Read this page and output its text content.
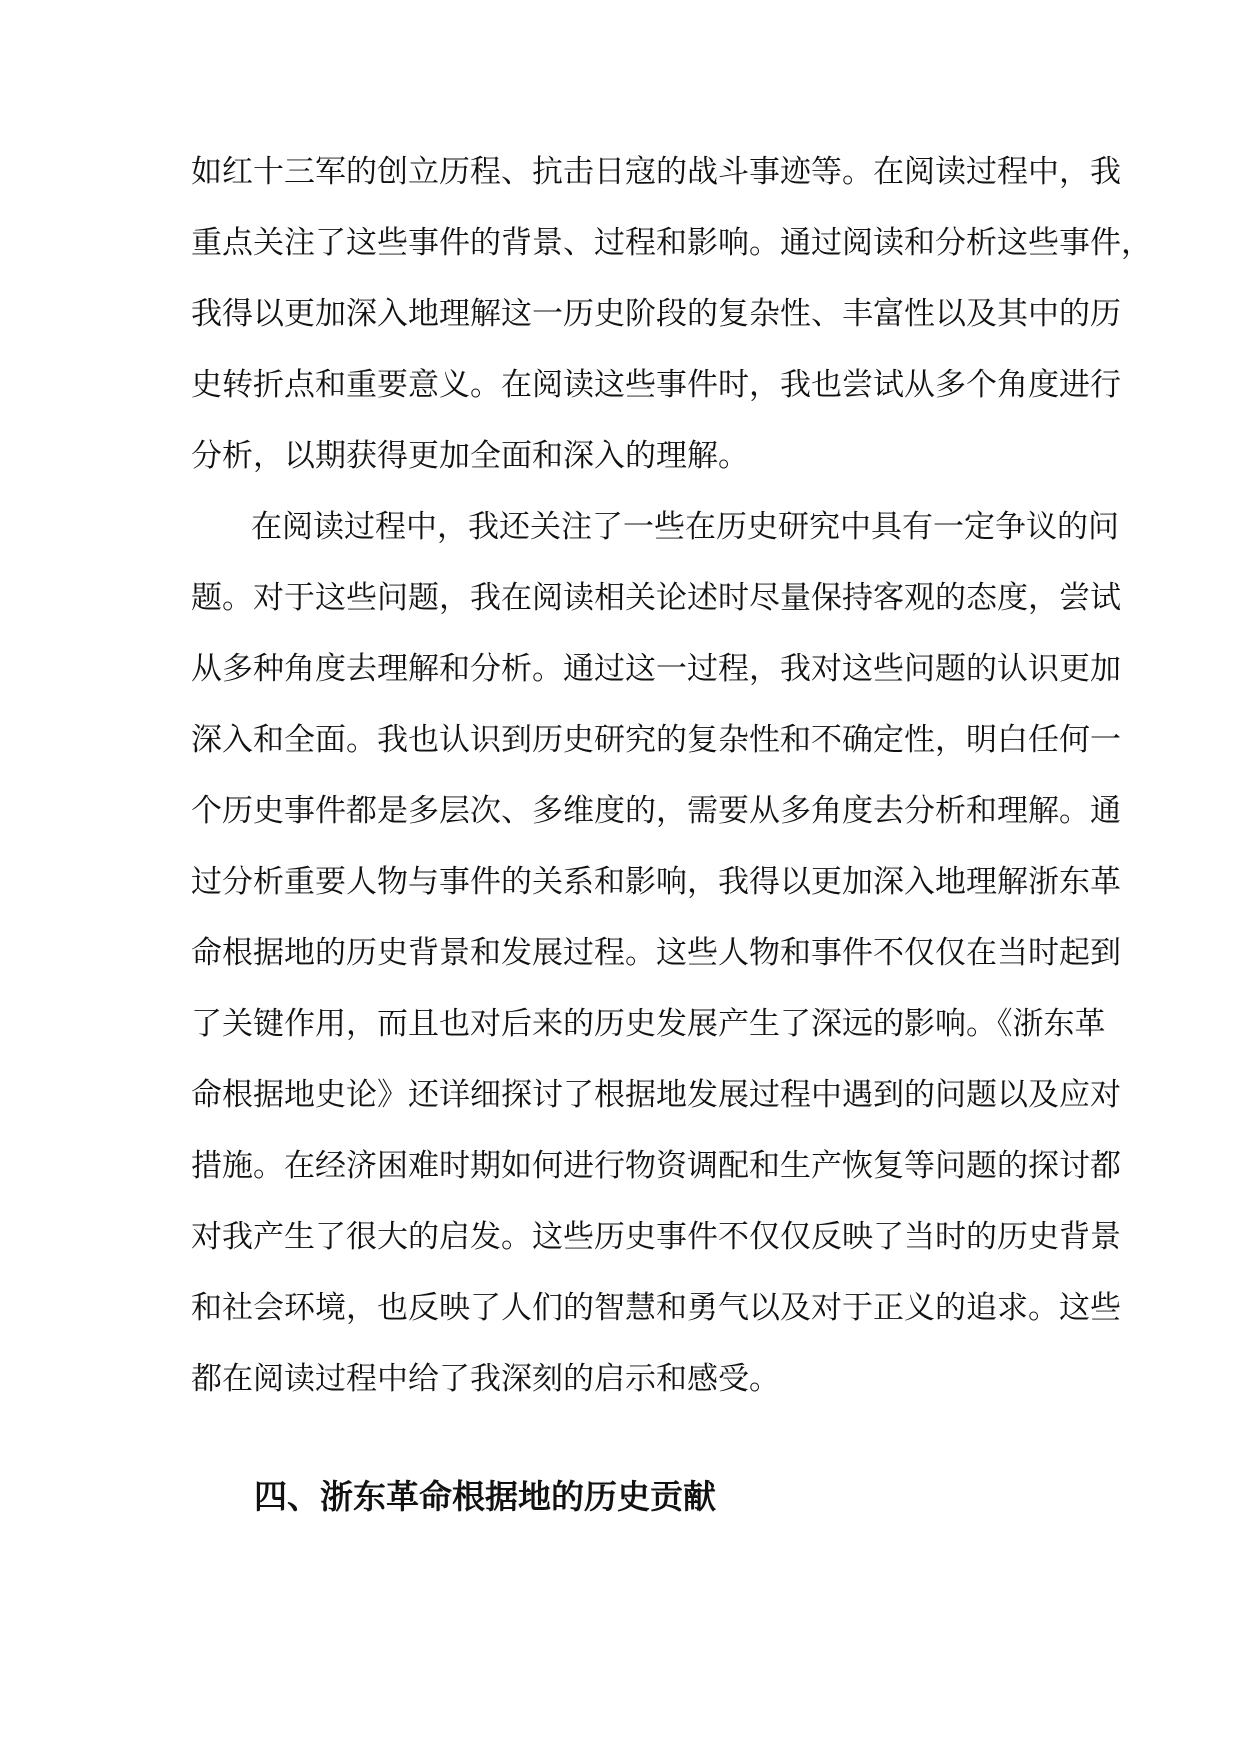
如红十三军的创立历程、抗击日寇的战斗事迹等。在阅读过程中，我
重点关注了这些事件的背景、过程和影响。通过阅读和分析这些事件，
我得以更加深入地理解这一历史阶段的复杂性、丰富性以及其中的历
史转折点和重要意义。在阅读这些事件时，我也尝试从多个角度进行
分析，以期获得更加全面和深入的理解。
在阅读过程中，我还关注了一些在历史研究中具有一定争议的问
题。对于这些问题，我在阅读相关论述时尽量保持客观的态度，尝试
从多种角度去理解和分析。通过这一过程，我对这些问题的认识更加
深入和全面。我也认识到历史研究的复杂性和不确定性，明白任何一
个历史事件都是多层次、多维度的，需要从多角度去分析和理解。通
过分析重要人物与事件的关系和影响，我得以更加深入地理解浙东革
命根据地的历史背景和发展过程。这些人物和事件不仅仅在当时起到
了关键作用，而且也对后来的历史发展产生了深远的影响。《浙东革
命根据地史论》还详细探讨了根据地发展过程中遇到的问题以及应对
措施。在经济困难时期如何进行物资调配和生产恢复等问题的探讨都
对我产生了很大的启发。这些历史事件不仅仅反映了当时的历史背景
和社会环境，也反映了人们的智慧和勇气以及对于正义的追求。这些
都在阅读过程中给了我深刻的启示和感受。
四、浙东革命根据地的历史贡献
